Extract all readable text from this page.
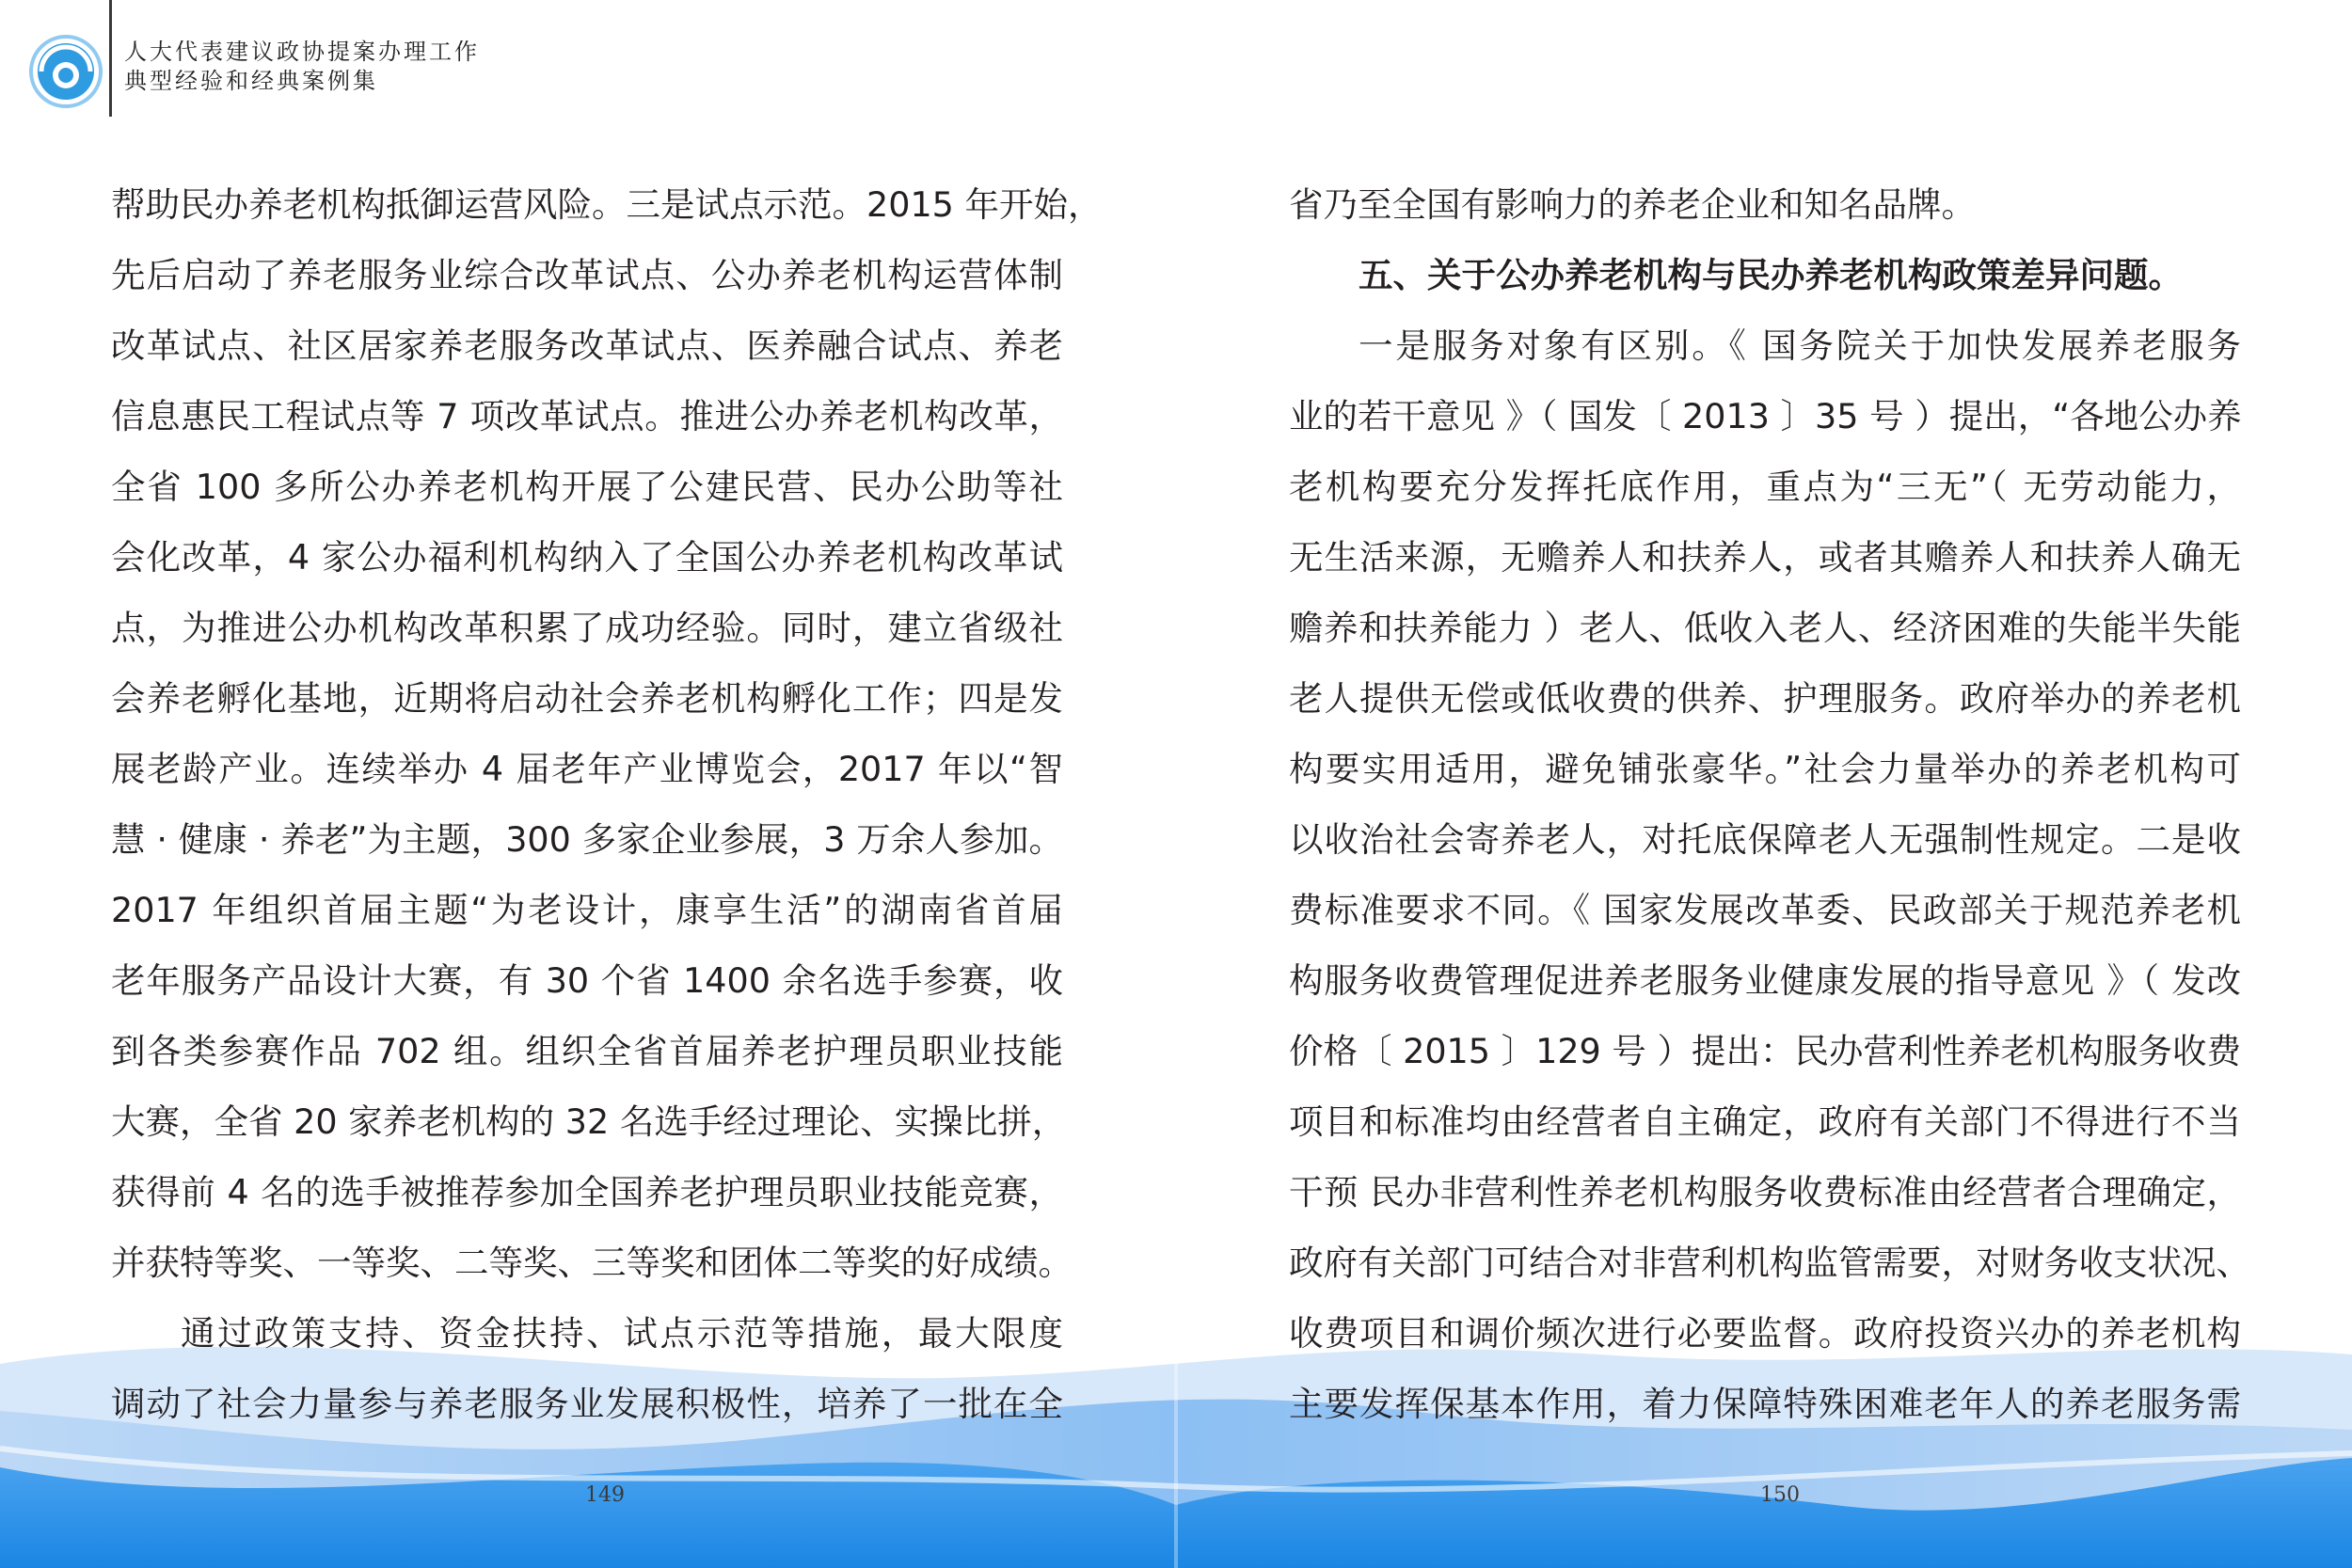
人大代表建议政协提案办理工作
典型经验和经典案例集
帮助民办养老机构抵御运营风险。三是试点示范。2015 年开始，
先后启动了养老服务业综合改革试点、公办养老机构运营体制
改革试点、社区居家养老服务改革试点、医养融合试点、养老
信息惠民工程试点等 7 项改革试点。推进公办养老机构改革，
全省 100 多所公办养老机构开展了公建民营、民办公助等社
会化改革，4 家公办福利机构纳入了全国公办养老机构改革试
点，为推进公办机构改革积累了成功经验。同时，建立省级社
会养老孵化基地，近期将启动社会养老机构孵化工作；四是发
展老龄产业。连续举办 4 届老年产业博览会，2017 年以“智
慧 · 健康 · 养老”为主题，300 多家企业参展，3 万余人参加。
2017 年组织首届主题“为老设计，康享生活”的湖南省首届
老年服务产品设计大赛，有 30 个省 1400 余名选手参赛，收
到各类参赛作品 702 组。组织全省首届养老护理员职业技能
大赛，全省 20 家养老机构的 32 名选手经过理论、实操比拼，
获得前 4 名的选手被推荐参加全国养老护理员职业技能竞赛，
并获特等奖、一等奖、二等奖、三等奖和团体二等奖的好成绩。
通过政策支持、资金扶持、试点示范等措施，最大限度
调动了社会力量参与养老服务业发展积极性，培养了一批在全
省乃至全国有影响力的养老企业和知名品牌。
五、关于公办养老机构与民办养老机构政策差异问题。
一是服务对象有区别。《 国务院关于加快发展养老服务
业的若干意见 》（ 国发〔 2013 〕35 号 ）提出，“各地公办养
老机构要充分发挥托底作用，重点为“三无”（ 无劳动能力，
无生活来源，无赡养人和扶养人，或者其赡养人和扶养人确无
赡养和扶养能力 ）老人、低收入老人、经济困难的失能半失能
老人提供无偿或低收费的供养、护理服务。政府举办的养老机
构要实用适用，避免铺张豪华。”社会力量举办的养老机构可
以收治社会寄养老人，对托底保障老人无强制性规定。二是收
费标准要求不同。《 国家发展改革委、民政部关于规范养老机
构服务收费管理促进养老服务业健康发展的指导意见 》（ 发改
价格〔 2015 〕129 号 ）提出：民办营利性养老机构服务收费
项目和标准均由经营者自主确定，政府有关部门不得进行不当
干预 民办非营利性养老机构服务收费标准由经营者合理确定，
政府有关部门可结合对非营利机构监管需要，对财务收支状况、
收费项目和调价频次进行必要监督。政府投资兴办的养老机构
主要发挥保基本作用，着力保障特殊困难老年人的养老服务需
149	150
